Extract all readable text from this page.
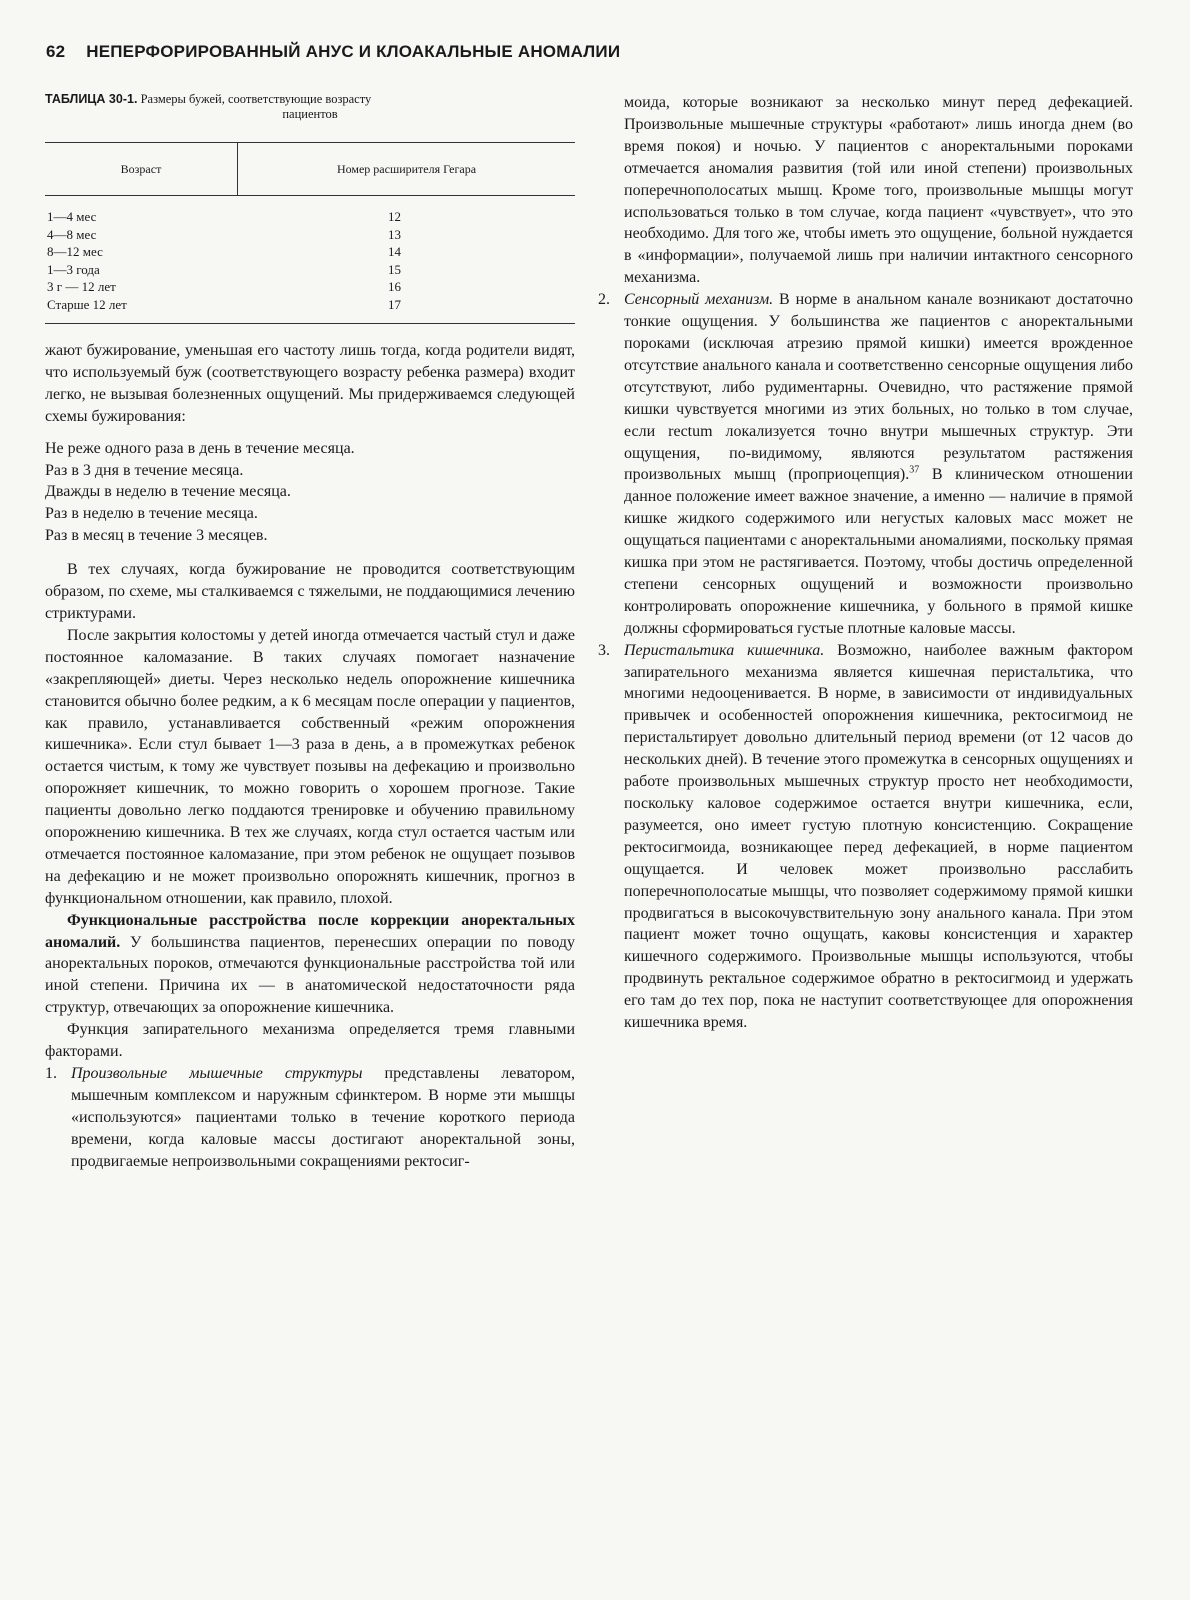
62 НЕПЕРФОРИРОВАННЫЙ АНУС И КЛОАКАЛЬНЫЕ АНОМАЛИИ
ТАБЛИЦА 30-1. Размеры бужей, соответствующие возрасту
пациентов
Возраст	Номер расширителя Гегара
1—4 мес	12
4—8 мес	13
8—12 мес	14
1—3 года	15
3 г — 12 лет	16
Старше 12 лет	17

жают бужирование, уменьшая его частоту лишь тогда, когда родители видят, что используемый буж (соответствующего возрасту ребенка размера) входит легко, не вызывая болезненных ощущений. Мы придерживаемся следующей схемы бужирования:

Не реже одного раза в день в течение месяца.
Раз в 3 дня в течение месяца.
Дважды в неделю в течение месяца.
Раз в неделю в течение месяца.
Раз в месяц в течение 3 месяцев.

В тех случаях, когда бужирование не проводится соответствующим образом, по схеме, мы сталкиваемся с тяжелыми, не поддающимися лечению стриктурами.

После закрытия колостомы у детей иногда отмечается частый стул и даже постоянное каломазание. В таких случаях помогает назначение «закрепляющей» диеты. Через несколько недель опорожнение кишечника становится обычно более редким, а к 6 месяцам после операции у пациентов, как правило, устанавливается собственный «режим опорожнения кишечника». Если стул бывает 1—3 раза в день, а в промежутках ребенок остается чистым, к тому же чувствует позывы на дефекацию и произвольно опорожняет кишечник, то можно говорить о хорошем прогнозе. Такие пациенты довольно легко поддаются тренировке и обучению правильному опорожнению кишечника. В тех же случаях, когда стул остается частым или отмечается постоянное каломазание, при этом ребенок не ощущает позывов на дефекацию и не может произвольно опорожнять кишечник, прогноз в функциональном отношении, как правило, плохой.

Функциональные расстройства после коррекции аноректальных аномалий. У большинства пациентов, перенесших операции по поводу аноректальных пороков, отмечаются функциональные расстройства той или иной степени. Причина их — в анатомической недостаточности ряда структур, отвечающих за опорожнение кишечника.

Функция запирательного механизма определяется тремя главными факторами.

1. Произвольные мышечные структуры представлены леватором, мышечным комплексом и наружным сфинктером. В норме эти мышцы «используются» пациентами только в течение короткого периода времени, когда каловые массы достигают аноректальной зоны, продвигаемые непроизвольными сокращениями ректосиг-

моида, которые возникают за несколько минут перед дефекацией. Произвольные мышечные структуры «работают» лишь иногда днем (во время покоя) и ночью. У пациентов с аноректальными пороками отмечается аномалия развития (той или иной степени) произвольных поперечнополосатых мышц. Кроме того, произвольные мышцы могут использоваться только в том случае, когда пациент «чувствует», что это необходимо. Для того же, чтобы иметь это ощущение, больной нуждается в «информации», получаемой лишь при наличии интактного сенсорного механизма.

2. Сенсорный механизм. В норме в анальном канале возникают достаточно тонкие ощущения. У большинства же пациентов с аноректальными пороками (исключая атрезию прямой кишки) имеется врожденное отсутствие анального канала и соответственно сенсорные ощущения либо отсутствуют, либо рудиментарны. Очевидно, что растяжение прямой кишки чувствуется многими из этих больных, но только в том случае, если rectum локализуется точно внутри мышечных структур. Эти ощущения, по-видимому, являются результатом растяжения произвольных мышц (проприоцепция).$^{37}$ В клиническом отношении данное положение имеет важное значение, а именно — наличие в прямой кишке жидкого содержимого или негустых каловых масс может не ощущаться пациентами с аноректальными аномалиями, поскольку прямая кишка при этом не растягивается. Поэтому, чтобы достичь определенной степени сенсорных ощущений и возможности произвольно контролировать опорожнение кишечника, у больного в прямой кишке должны сформироваться густые плотные каловые массы.
3. Перистальтика кишечника. Возможно, наиболее важным фактором запирательного механизма является кишечная перистальтика, что многими недооценивается. В норме, в зависимости от индивидуальных привычек и особенностей опорожнения кишечника, ректосигмоид не перистальтирует довольно длительный период времени (от 12 часов до нескольких дней). В течение этого промежутка в сенсорных ощущениях и работе произвольных мышечных структур просто нет необходимости, поскольку каловое содержимое остается внутри кишечника, если, разумеется, оно имеет густую плотную консистенцию. Сокращение ректосигмоида, возникающее перед дефекацией, в норме пациентом ощущается. И человек может произвольно расслабить поперечнополосатые мышцы, что позволяет содержимому прямой кишки продвигаться в высокочувствительную зону анального канала. При этом пациент может точно ощущать, каковы консистенция и характер кишечного содержимого. Произвольные мышцы используются, чтобы продвинуть ректальное содержимое обратно в ректосигмоид и удержать его там до тех пор, пока не наступит соответствующее для опорожнения кишечника время.
